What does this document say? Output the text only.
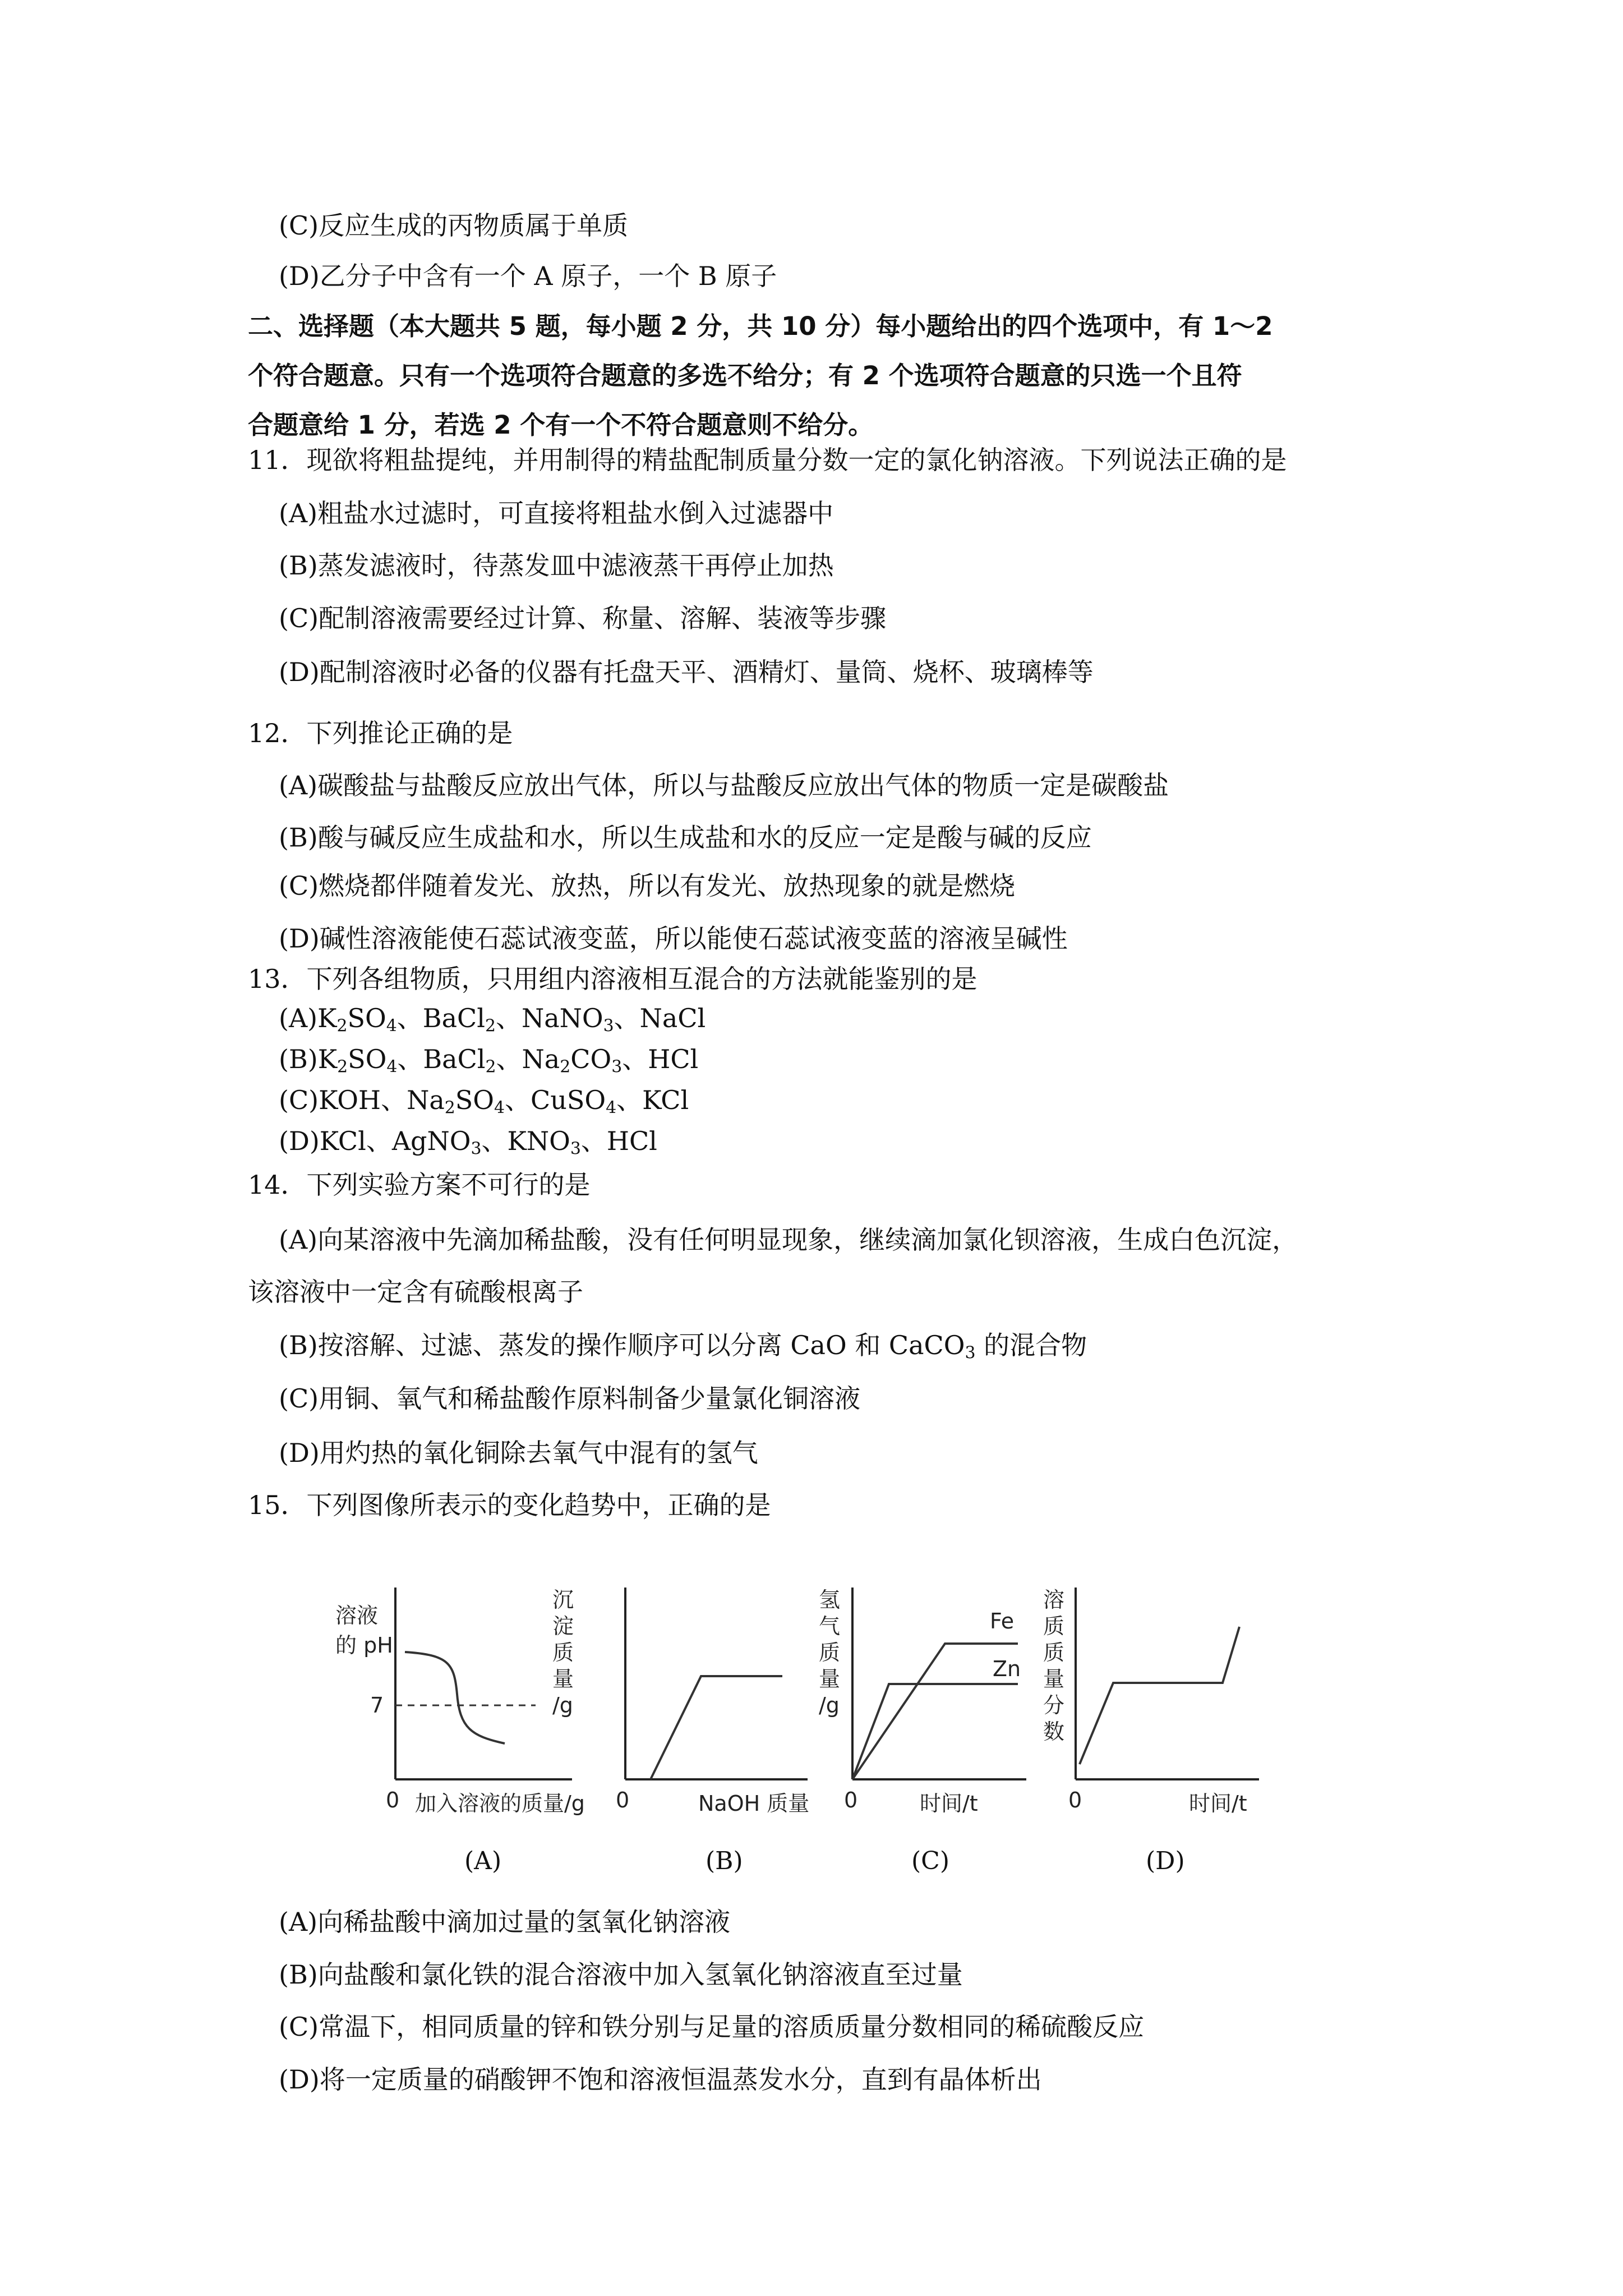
(C)反应生成的丙物质属于单质
(D)乙分子中含有一个 A 原子，一个 B 原子
二、选择题（本大题共 5 题，每小题 2 分，共 10 分）每小题给出的四个选项中，有 1～2
个符合题意。只有一个选项符合题意的多选不给分；有 2 个选项符合题意的只选一个且符
合题意给 1 分，若选 2 个有一个不符合题意则不给分。
11．现欲将粗盐提纯，并用制得的精盐配制质量分数一定的氯化钠溶液。下列说法正确的是
(A)粗盐水过滤时，可直接将粗盐水倒入过滤器中
(B)蒸发滤液时，待蒸发皿中滤液蒸干再停止加热
(C)配制溶液需要经过计算、称量、溶解、装液等步骤
(D)配制溶液时必备的仪器有托盘天平、酒精灯、量筒、烧杯、玻璃棒等
12．下列推论正确的是
(A)碳酸盐与盐酸反应放出气体，所以与盐酸反应放出气体的物质一定是碳酸盐
(B)酸与碱反应生成盐和水，所以生成盐和水的反应一定是酸与碱的反应
(C)燃烧都伴随着发光、放热，所以有发光、放热现象的就是燃烧
(D)碱性溶液能使石蕊试液变蓝，所以能使石蕊试液变蓝的溶液呈碱性
13．下列各组物质，只用组内溶液相互混合的方法就能鉴别的是
$(A)K_2SO_4$、BaCl$_2$、NaNO$_3$、NaCl
$(B)K_2SO_4$、BaCl$_2$、$Na_2CO_3$、HCl
(C)KOH、$Na_2SO_4$、CuSO$_4$、KCl
(D)KCl、AgNO$_3$、$KNO_3$、HCl
14．下列实验方案不可行的是
(A)向某溶液中先滴加稀盐酸，没有任何明显现象，继续滴加氯化钡溶液，生成白色沉淀，
该溶液中一定含有硫酸根离子
(B)按溶解、过滤、蒸发的操作顺序可以分离 CaO 和 CaCO$_3$ 的混合物
(C)用铜、氧气和稀盐酸作原料制备少量氯化铜溶液
(D)用灼热的氧化铜除去氧气中混有的氢气
15．下列图像所表示的变化趋势中，正确的是
溶液
的 pH
7
0 加入溶液的质量/g
沉 淀 质 量 /g
0	NaOH 质量
氢 气 质 量 /g
Fe
Zn
0	时间/t
溶 质 质 量 分 数
0	时间/t
(A)	(B)	(C)	(D)
(A)向稀盐酸中滴加过量的氢氧化钠溶液
(B)向盐酸和氯化铁的混合溶液中加入氢氧化钠溶液直至过量
(C)常温下，相同质量的锌和铁分别与足量的溶质质量分数相同的稀硫酸反应
(D)将一定质量的硝酸钾不饱和溶液恒温蒸发水分，直到有晶体析出
